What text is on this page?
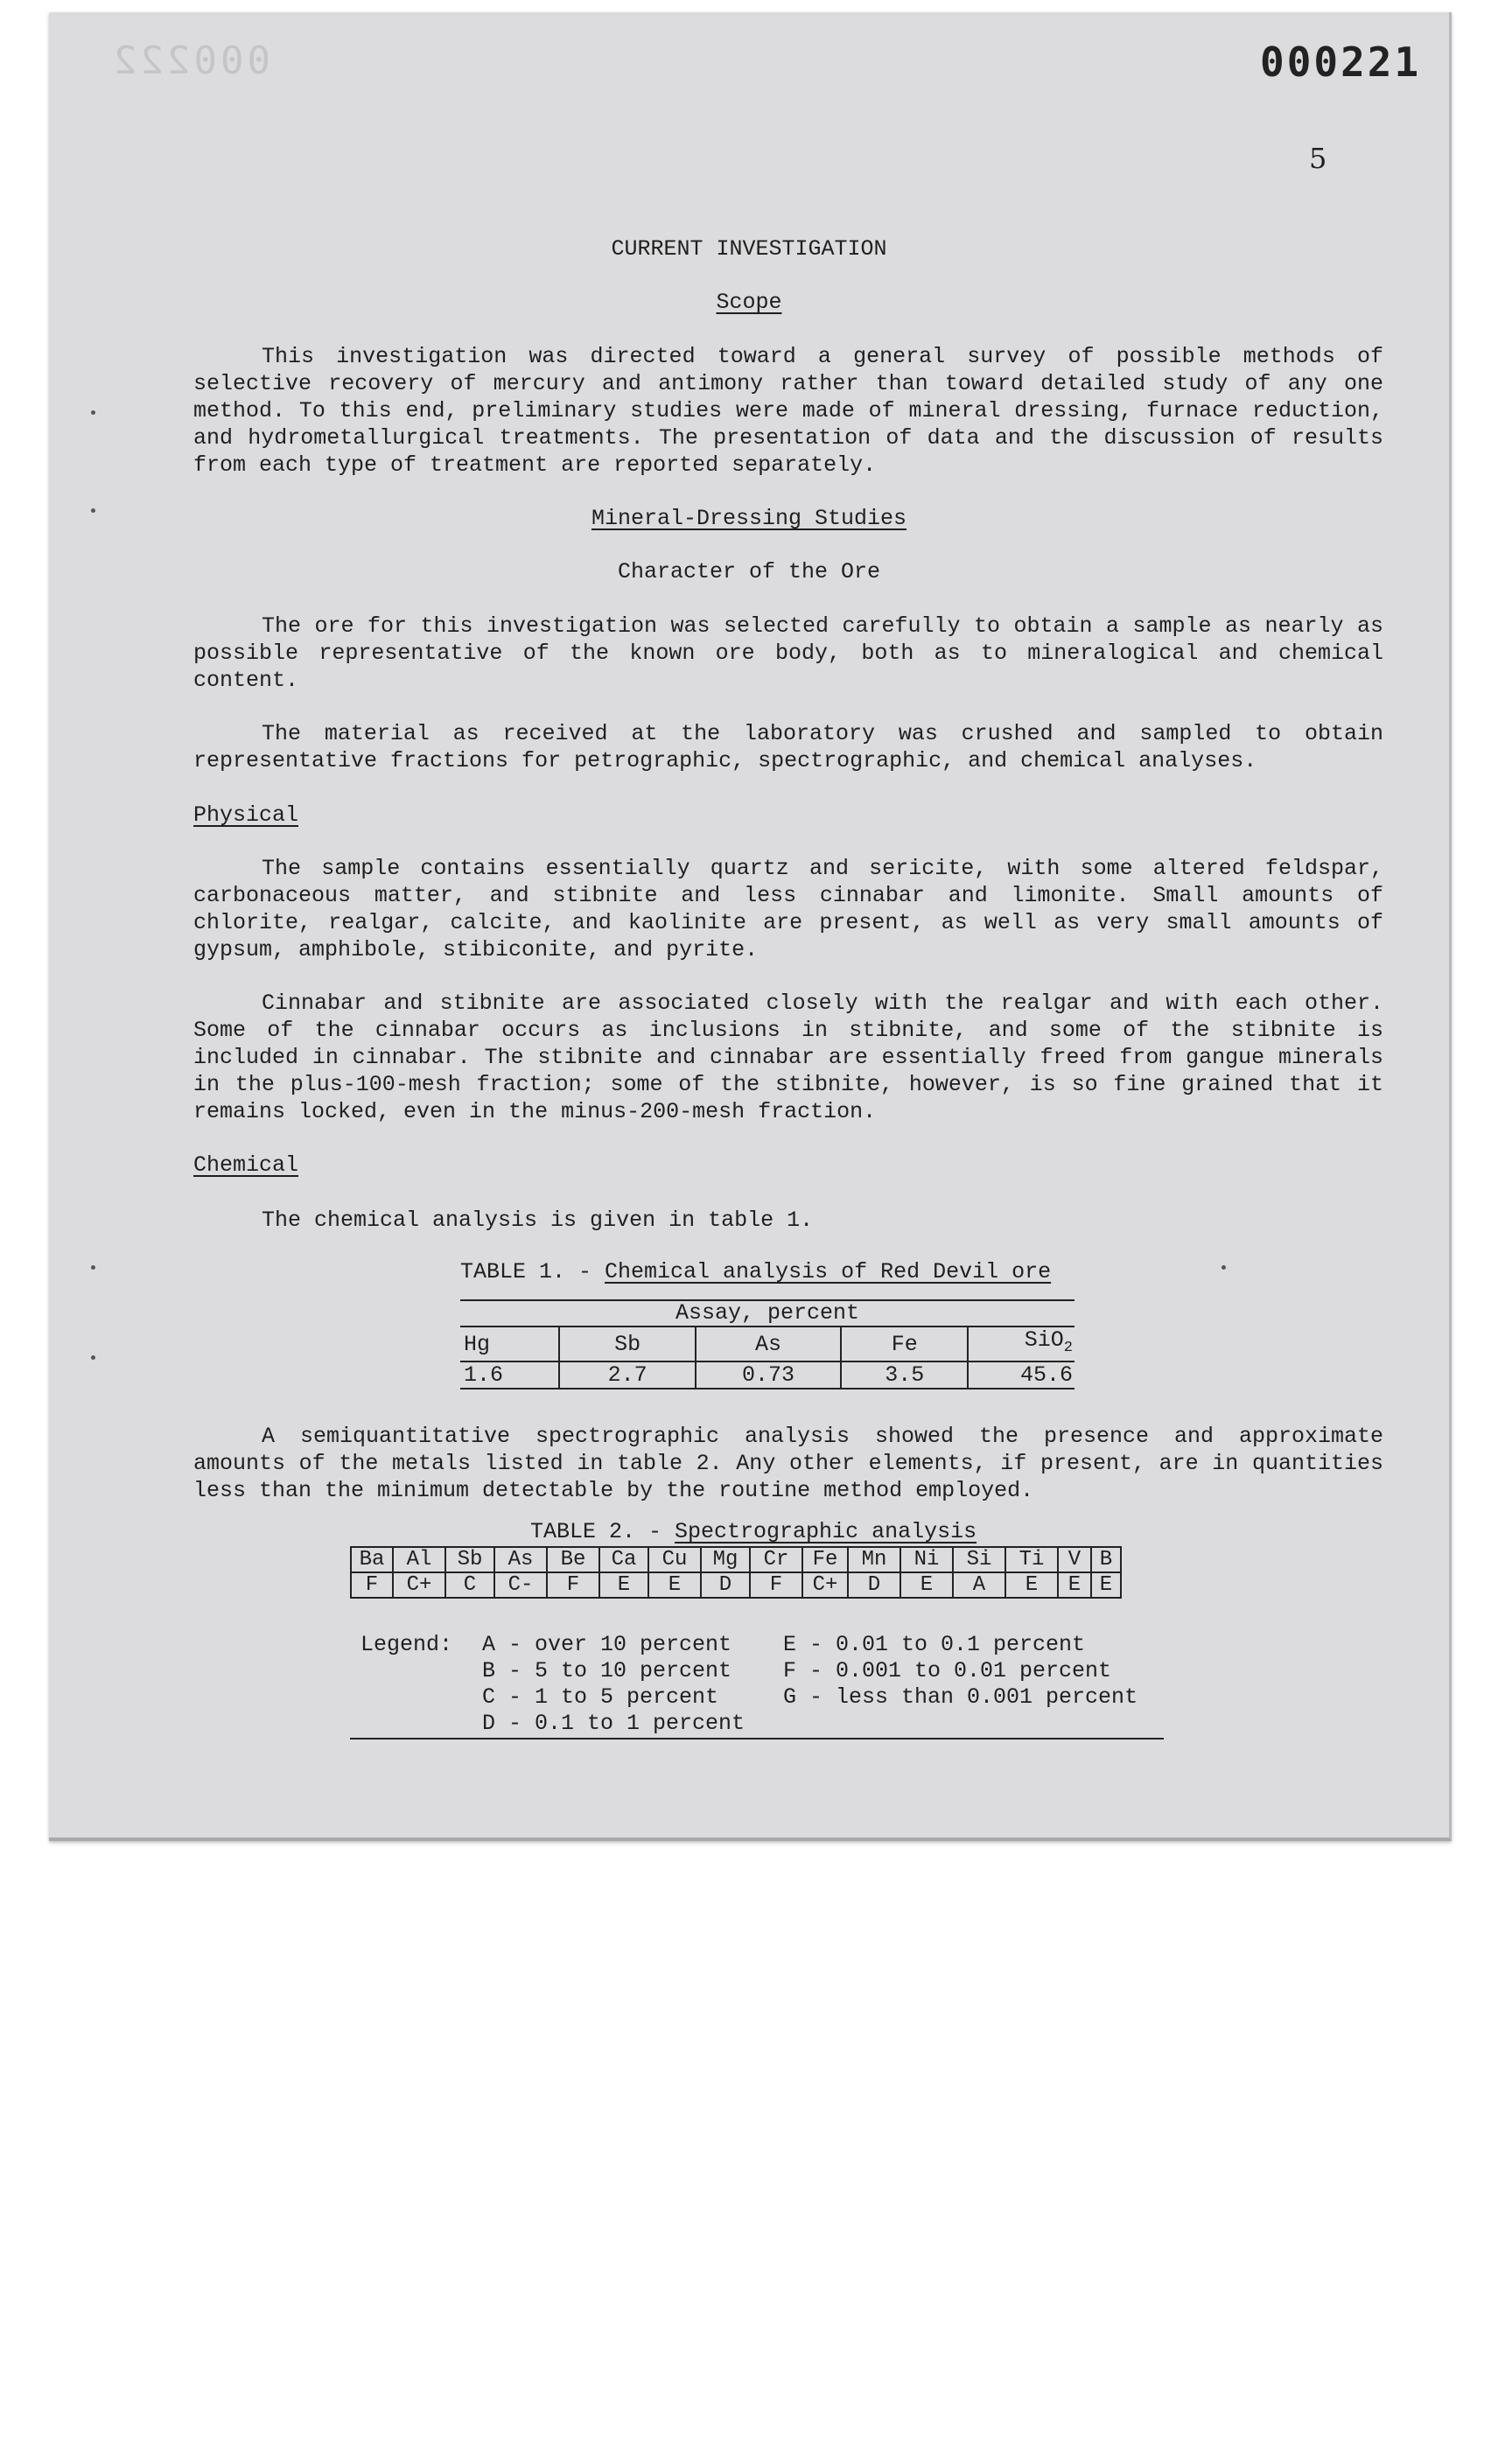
000222	000221
5
CURRENT INVESTIGATION
Scope

This investigation was directed toward a general survey of possible methods of selective recovery of mercury and antimony rather than toward detailed study of any one method. To this end, preliminary studies were made of mineral dressing, furnace reduction, and hydrometallurgical treatments. The presentation of data and the discussion of results from each type of treatment are reported separately.

Mineral-Dressing Studies
Character of the Ore

The ore for this investigation was selected carefully to obtain a sample as nearly as possible representative of the known ore body, both as to mineralogical and chemical content.

The material as received at the laboratory was crushed and sampled to obtain representative fractions for petrographic, spectrographic, and chemical analyses.

Physical

The sample contains essentially quartz and sericite, with some altered feldspar, carbonaceous matter, and stibnite and less cinnabar and limonite. Small amounts of chlorite, realgar, calcite, and kaolinite are present, as well as very small amounts of gypsum, amphibole, stibiconite, and pyrite.

Cinnabar and stibnite are associated closely with the realgar and with each other. Some of the cinnabar occurs as inclusions in stibnite, and some of the stibnite is included in cinnabar. The stibnite and cinnabar are essentially freed from gangue minerals in the plus-100-mesh fraction; some of the stibnite, however, is so fine grained that it remains locked, even in the minus-200-mesh fraction.

Chemical

The chemical analysis is given in table 1.

TABLE 1. - Chemical analysis of Red Devil ore
Assay, percent				
Hg	Sb	As	Fe	SiO$_2$
1.6	2.7	0.73	3.5	45.6

A semiquantitative spectrographic analysis showed the presence and approximate amounts of the metals listed in table 2. Any other elements, if present, are in quantities less than the minimum detectable by the routine method employed.

TABLE 2. - Spectrographic analysis
Ba	Al	Sb	As	Be	Ca	Cu	Mg	Cr	Fe	Mn	Ni	Si	Ti	V	B
F	C+	C	C-	F	E	E	D	F	C+	D	E	A	E	E	E
Legend: A - over 10 percent
B - 5 to 10 percent
C - 1 to 5 percent
D - 0.1 to 1 percent
E - 0.01 to 0.1 percent
F - 0.001 to 0.01 percent
G - less than 0.001 percent
